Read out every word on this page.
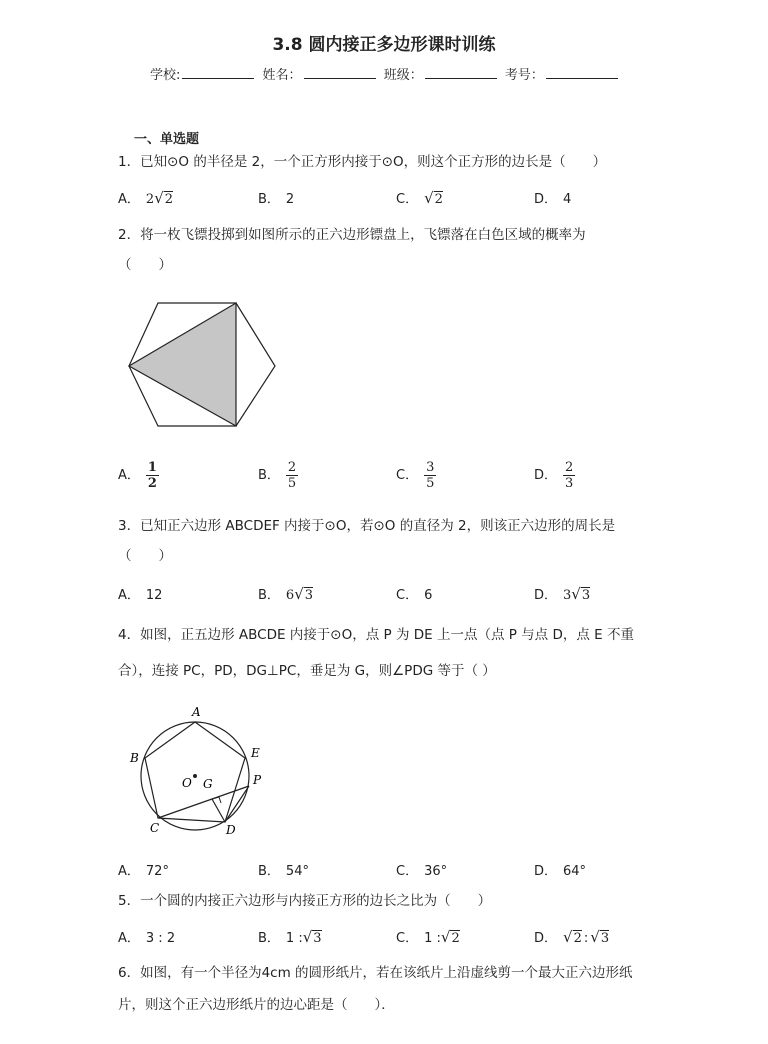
3.8 圆内接正多边形课时训练
学校:	姓名：	班级：	考号：
一、单选题
1．已知⊙O 的半径是 2，一个正方形内接于⊙O，则这个正方形的边长是（　　）
A． 2√2	B． 2	C． √2	D． 4
2．将一枚飞镖投掷到如图所示的正六边形镖盘上，飞镖落在白色区域的概率为
（　　）
A． $\frac{1}{2}$	B． $\frac{2}{5}$	C． $\frac{3}{5}$	D． $\frac{2}{3}$
3．已知正六边形 ABCDEF 内接于⊙O，若⊙O 的直径为 2，则该正六边形的周长是
（　　）
A． 12	B． 6√3	C． 6	D． 3√3
4．如图，正五边形 ABCDE 内接于⊙O，点 P 为 DE 上一点（点 P 与点 D，点 E 不重
合），连接 PC，PD，DG⊥PC，垂足为 G，则∠PDG 等于（ ）
A
B
C	D
E
P
O G
A． 72°	B． 54°	C． 36°	D． 64°
5．一个圆的内接正六边形与内接正方形的边长之比为（　　）
A． 3 : 2	B． 1 :√3	C． 1 :√2	D． √2 : √3
6．如图，有一个半径为4cm 的圆形纸片，若在该纸片上沿虚线剪一个最大正六边形纸
片，则这个正六边形纸片的边心距是（　　）．
